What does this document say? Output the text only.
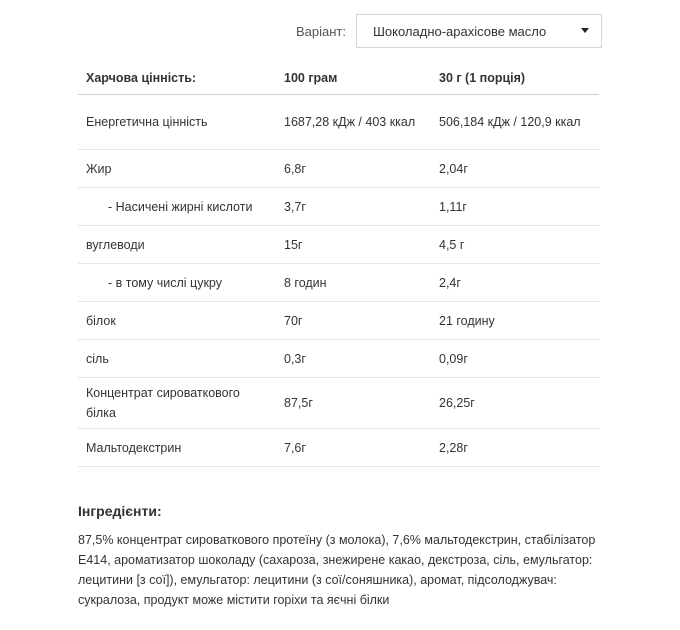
Варіант:	Шоколадно-арахісове масло
Харчова цінність:	100 грам	30 г (1 порція)
Енергетична цінність	1687,28 кДж / 403 ккал	506,184 кДж / 120,9 ккал
Жир	6,8г	2,04г
- Насичені жирні кислоти	3,7г	1,11г
вуглеводи	15г	4,5 г
- в тому числі цукру	8 годин	2,4г
білок	70г	21 годину
сіль	0,3г	0,09г
Концентрат сироваткового білка	87,5г	26,25г
Мальтодекстрин	7,6г	2,28г
Інгредієнти:
87,5% концентрат сироваткового протеїну (з молока), 7,6% мальтодекстрин, стабілізатор E414, ароматизатор шоколаду (сахароза, знежирене какао, декстроза, сіль, емульгатор: лецитини [з сої]), емульгатор: лецитини (з сої/соняшника), аромат, підсолоджувач: сукралоза, продукт може містити горіхи та яєчні білки
